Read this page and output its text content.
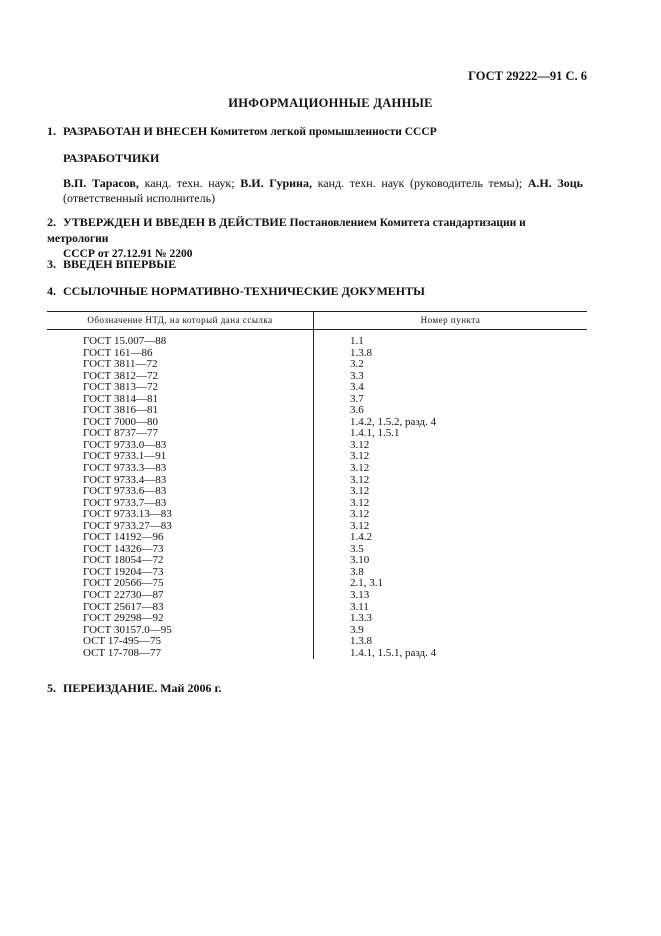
ГОСТ 29222—91 С. 6
ИНФОРМАЦИОННЫЕ ДАННЫЕ
1. РАЗРАБОТАН И ВНЕСЕН Комитетом легкой промышленности СССР
РАЗРАБОТЧИКИ
В.П. Тарасов, канд. техн. наук; В.И. Гурина, канд. техн. наук (руководитель темы); А.Н. Зоць (ответственный исполнитель)
2. УТВЕРЖДЕН И ВВЕДЕН В ДЕЙСТВИЕ Постановлением Комитета стандартизации и метрологии
СССР от 27.12.91 № 2200
3. ВВЕДЕН ВПЕРВЫЕ
4. ССЫЛОЧНЫЕ НОРМАТИВНО-ТЕХНИЧЕСКИЕ ДОКУМЕНТЫ
Обозначение НТД, на который дана ссылка	Номер пункта
ГОСТ 15.007—88	1.1
ГОСТ 161—86	1.3.8
ГОСТ 3811—72	3.2
ГОСТ 3812—72	3.3
ГОСТ 3813—72	3.4
ГОСТ 3814—81	3.7
ГОСТ 3816—81	3.6
ГОСТ 7000—80	1.4.2, 1.5.2, разд. 4
ГОСТ 8737—77	1.4.1, 1.5.1
ГОСТ 9733.0—83	3.12
ГОСТ 9733.1—91	3.12
ГОСТ 9733.3—83	3.12
ГОСТ 9733.4—83	3.12
ГОСТ 9733.6—83	3.12
ГОСТ 9733.7—83	3.12
ГОСТ 9733.13—83	3.12
ГОСТ 9733.27—83	3.12
ГОСТ 14192—96	1.4.2
ГОСТ 14326—73	3.5
ГОСТ 18054—72	3.10
ГОСТ 19204—73	3.8
ГОСТ 20566—75	2.1, 3.1
ГОСТ 22730—87	3.13
ГОСТ 25617—83	3.11
ГОСТ 29298—92	1.3.3
ГОСТ 30157.0—95	3.9
ОСТ 17-495—75	1.3.8
ОСТ 17-708—77	1.4.1, 1.5.1, разд. 4
5. ПЕРЕИЗДАНИЕ. Май 2006 г.
